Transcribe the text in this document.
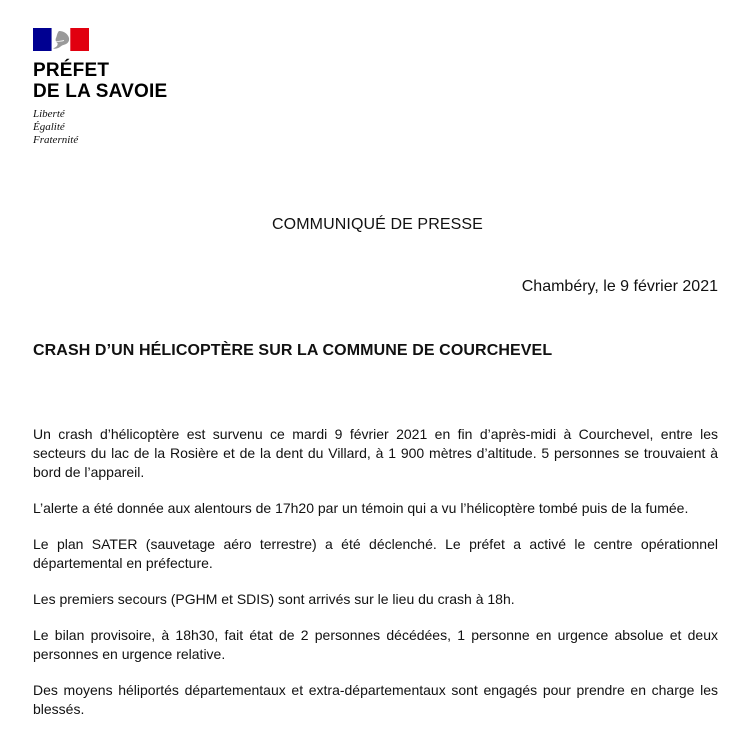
PRÉFET
DE LA SAVOIE
Liberté
Égalité
Fraternité
COMMUNIQUÉ DE PRESSE
Chambéry, le 9 février 2021
CRASH D’UN HÉLICOPTÈRE SUR LA COMMUNE DE COURCHEVEL

Un crash d’hélicoptère est survenu ce mardi 9 février 2021 en fin d’après-midi à Courchevel, entre les secteurs du lac de la Rosière et de la dent du Villard, à 1 900 mètres d’altitude. 5 personnes se trouvaient à bord de l’appareil.

L’alerte a été donnée aux alentours de 17h20 par un témoin qui a vu l’hélicoptère tombé puis de la fumée.

Le plan SATER (sauvetage aéro terrestre) a été déclenché. Le préfet a activé le centre opérationnel départemental en préfecture.

Les premiers secours (PGHM et SDIS) sont arrivés sur le lieu du crash à 18h.

Le bilan provisoire, à 18h30, fait état de 2 personnes décédées, 1 personne en urgence absolue et deux personnes en urgence relative.

Des moyens héliportés départementaux et extra-départementaux sont engagés pour prendre en charge les blessés.
